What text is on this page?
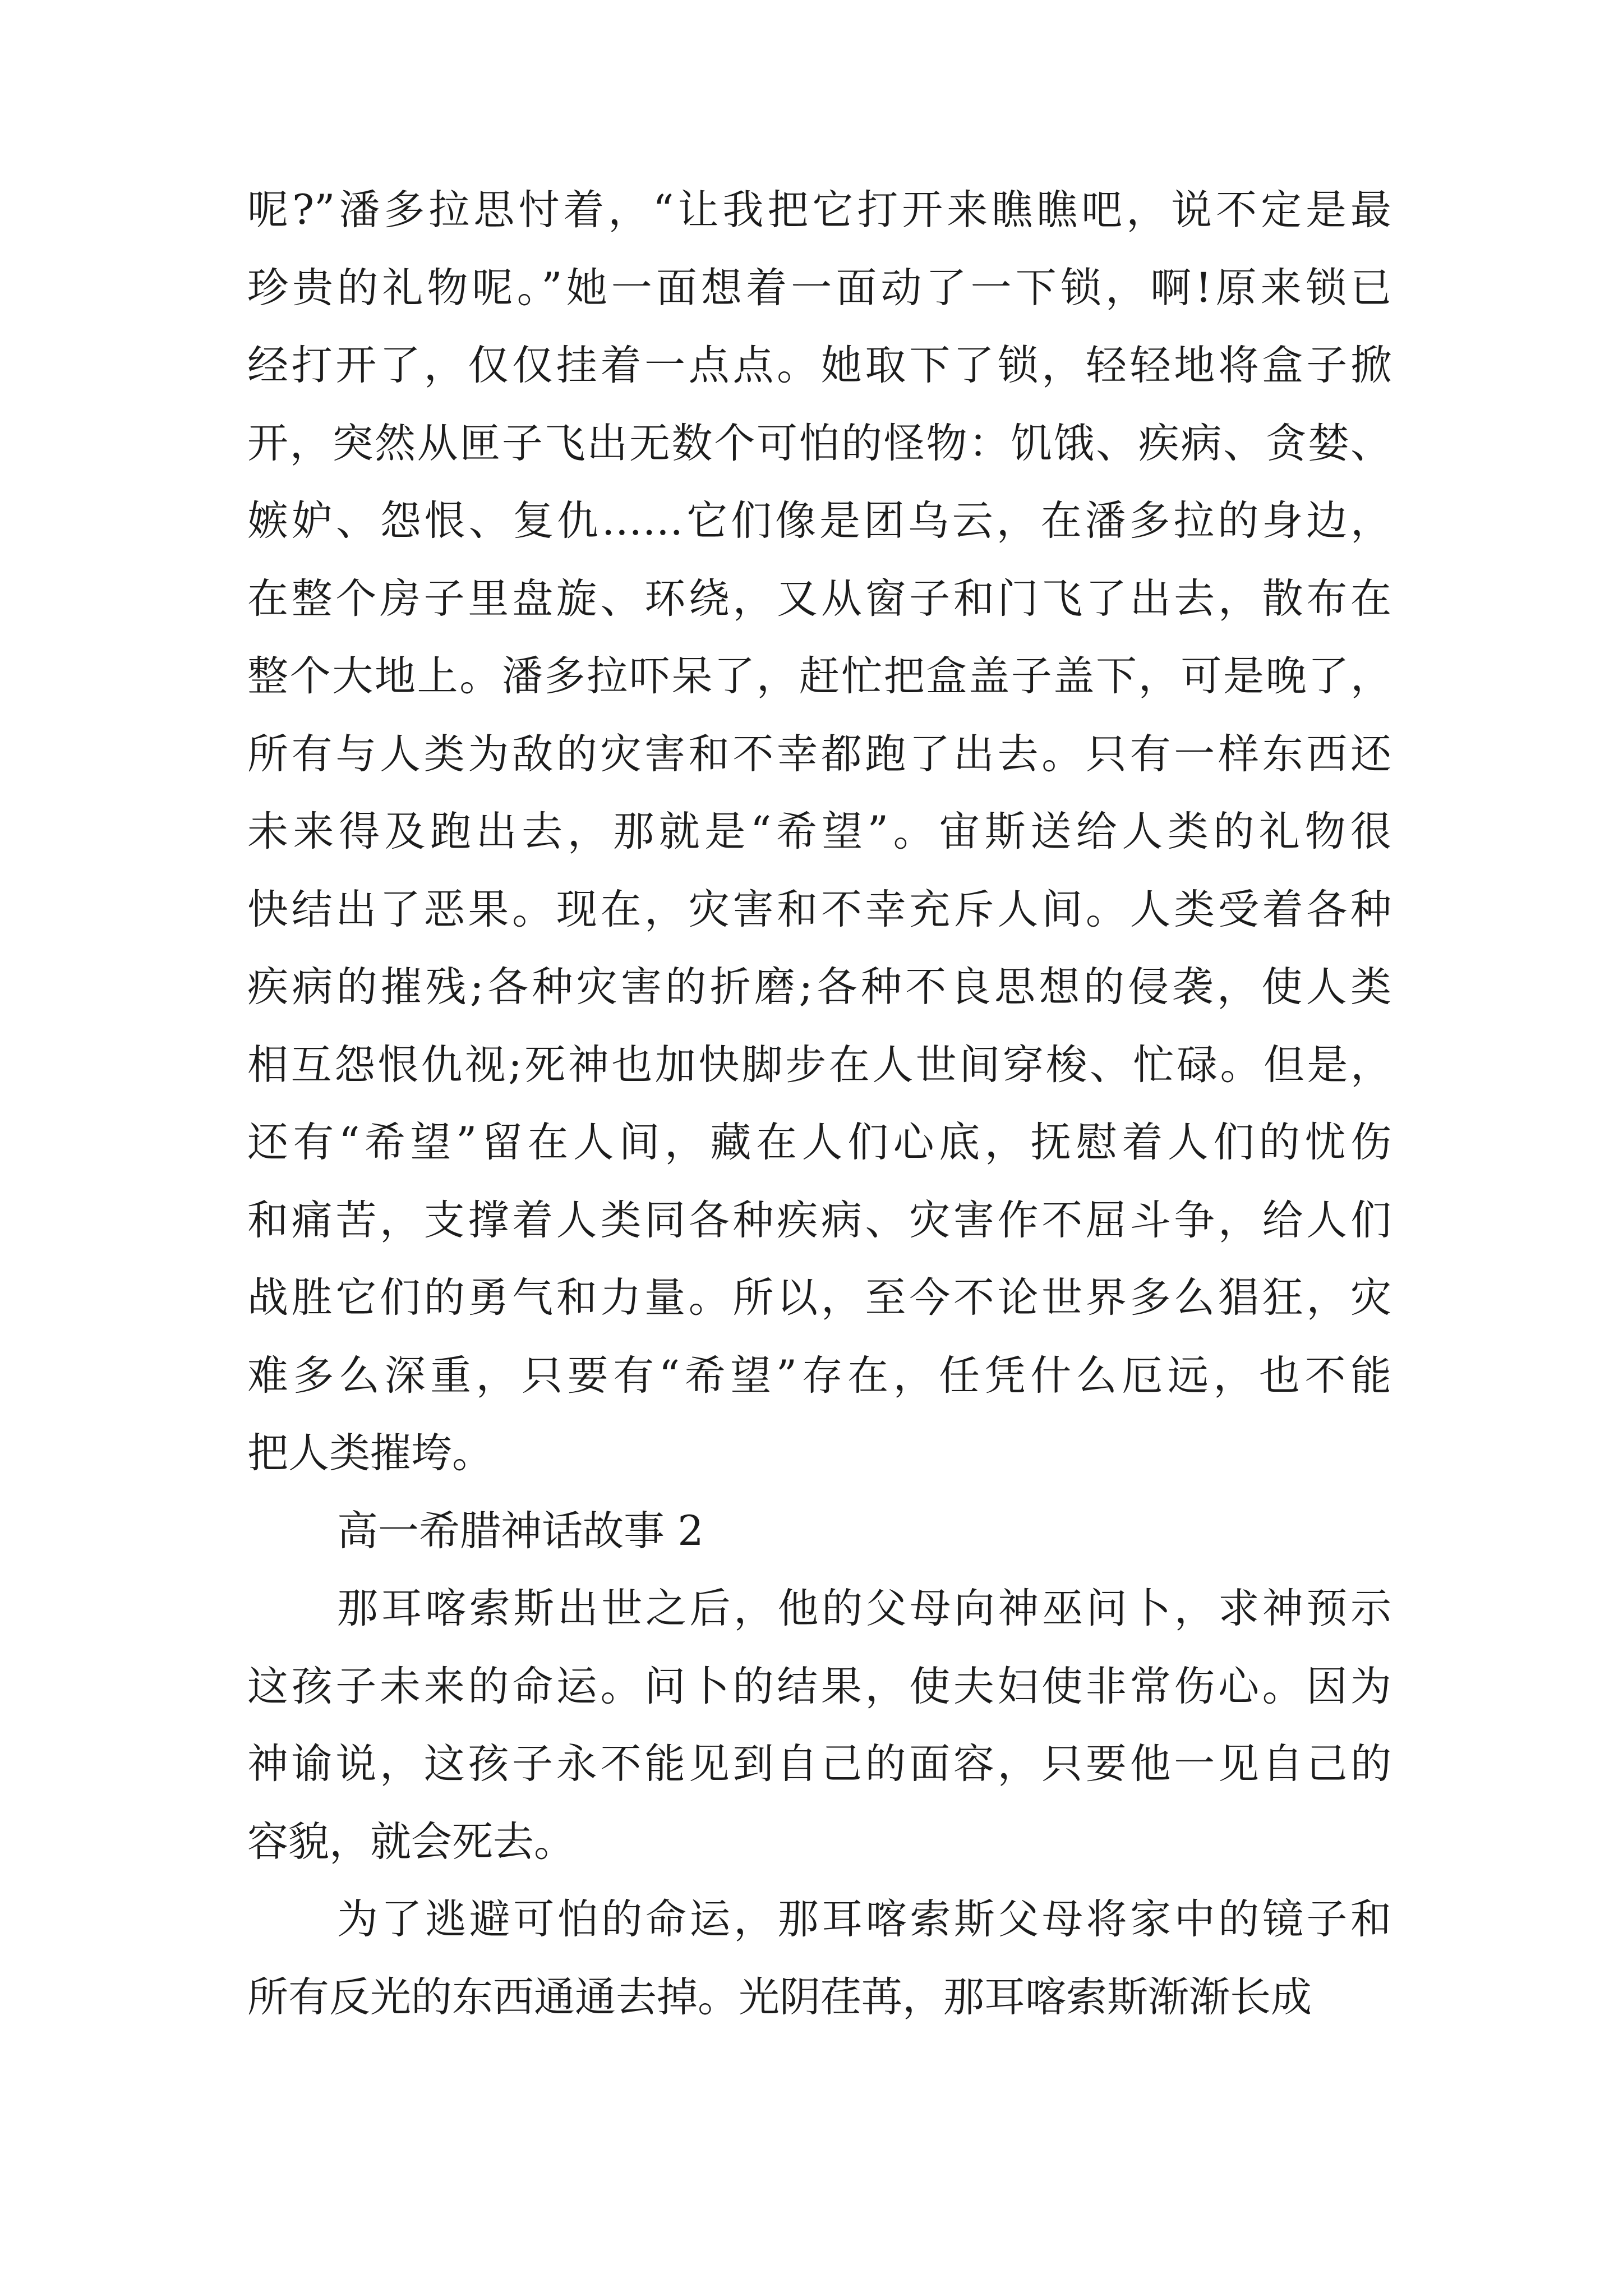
呢?”潘多拉思忖着，“让我把它打开来瞧瞧吧，说不定是最
珍贵的礼物呢。”她一面想着一面动了一下锁，啊!原来锁已
经打开了，仅仅挂着一点点。她取下了锁，轻轻地将盒子掀
开，突然从匣子飞出无数个可怕的怪物：饥饿、疾病、贪婪、
嫉妒、怨恨、复仇……它们像是团乌云，在潘多拉的身边，
在整个房子里盘旋、环绕，又从窗子和门飞了出去，散布在
整个大地上。潘多拉吓呆了，赶忙把盒盖子盖下，可是晚了，
所有与人类为敌的灾害和不幸都跑了出去。只有一样东西还
未来得及跑出去，那就是“希望”。宙斯送给人类的礼物很
快结出了恶果。现在，灾害和不幸充斥人间。人类受着各种
疾病的摧残;各种灾害的折磨;各种不良思想的侵袭，使人类
相互怨恨仇视;死神也加快脚步在人世间穿梭、忙碌。但是，
还有“希望”留在人间，藏在人们心底，抚慰着人们的忧伤
和痛苦，支撑着人类同各种疾病、灾害作不屈斗争，给人们
战胜它们的勇气和力量。所以，至今不论世界多么猖狂，灾
难多么深重，只要有“希望”存在，任凭什么厄远，也不能
把人类摧垮。
高一希腊神话故事 2
那耳喀索斯出世之后，他的父母向神巫问卜，求神预示
这孩子未来的命运。问卜的结果，使夫妇使非常伤心。因为
神谕说，这孩子永不能见到自己的面容，只要他一见自己的
容貌，就会死去。
为了逃避可怕的命运，那耳喀索斯父母将家中的镜子和
所有反光的东西通通去掉。光阴荏苒，那耳喀索斯渐渐长成
